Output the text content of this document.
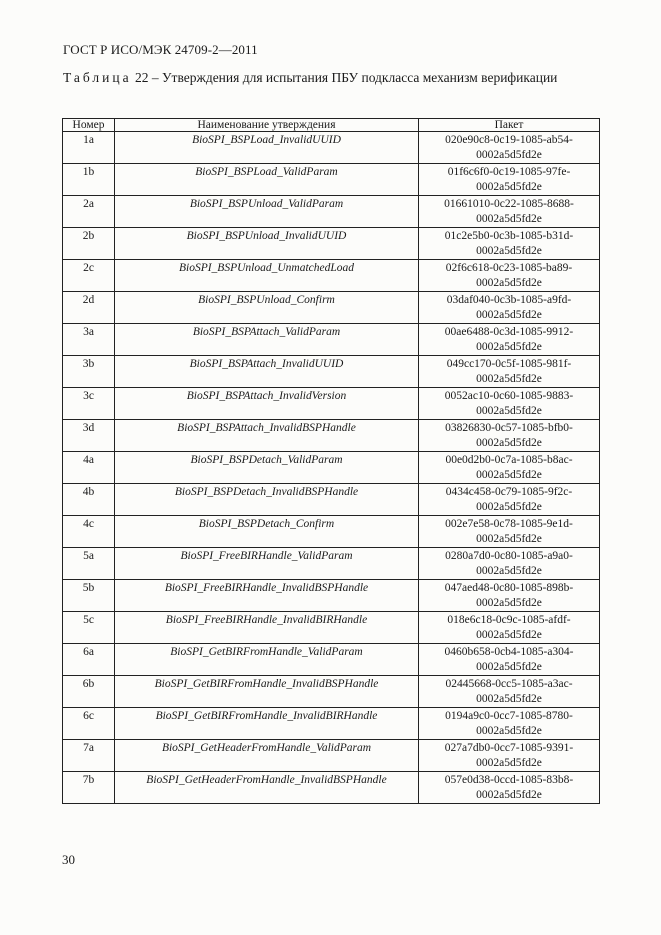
ГОСТ Р ИСО/МЭК 24709-2—2011
Таблица 22 – Утверждения для испытания ПБУ подкласса механизм верификации
Номер	Наименование утверждения	Пакет
1a	BioSPI_BSPLoad_InvalidUUID	020e90c8-0c19-1085-ab54-
0002a5d5fd2e

1b	BioSPI_BSPLoad_ValidParam	01f6c6f0-0c19-1085-97fe-
0002a5d5fd2e

2a	BioSPI_BSPUnload_ValidParam	01661010-0c22-1085-8688-
0002a5d5fd2e

2b	BioSPI_BSPUnload_InvalidUUID	01c2e5b0-0c3b-1085-b31d-
0002a5d5fd2e

2c	BioSPI_BSPUnload_UnmatchedLoad	02f6c618-0c23-1085-ba89-
0002a5d5fd2e

2d	BioSPI_BSPUnload_Confirm	03daf040-0c3b-1085-a9fd-
0002a5d5fd2e

3a	BioSPI_BSPAttach_ValidParam	00ae6488-0c3d-1085-9912-
0002a5d5fd2e

3b	BioSPI_BSPAttach_InvalidUUID	049cc170-0c5f-1085-981f-
0002a5d5fd2e

3c	BioSPI_BSPAttach_InvalidVersion	0052ac10-0c60-1085-9883-
0002a5d5fd2e

3d	BioSPI_BSPAttach_InvalidBSPHandle	03826830-0c57-1085-bfb0-
0002a5d5fd2e

4a	BioSPI_BSPDetach_ValidParam	00e0d2b0-0c7a-1085-b8ac-
0002a5d5fd2e

4b	BioSPI_BSPDetach_InvalidBSPHandle	0434c458-0c79-1085-9f2c-
0002a5d5fd2e

4c	BioSPI_BSPDetach_Confirm	002e7e58-0c78-1085-9e1d-
0002a5d5fd2e

5a	BioSPI_FreeBIRHandle_ValidParam	0280a7d0-0c80-1085-a9a0-
0002a5d5fd2e

5b	BioSPI_FreeBIRHandle_InvalidBSPHandle	047aed48-0c80-1085-898b-
0002a5d5fd2e

5c	BioSPI_FreeBIRHandle_InvalidBIRHandle	018e6c18-0c9c-1085-afdf-
0002a5d5fd2e

6a	BioSPI_GetBIRFromHandle_ValidParam	0460b658-0cb4-1085-a304-
0002a5d5fd2e

6b	BioSPI_GetBIRFromHandle_InvalidBSPHandle	02445668-0cc5-1085-a3ac-
0002a5d5fd2e

6c	BioSPI_GetBIRFromHandle_InvalidBIRHandle	0194a9c0-0cc7-1085-8780-
0002a5d5fd2e

7a	BioSPI_GetHeaderFromHandle_ValidParam	027a7db0-0cc7-1085-9391-
0002a5d5fd2e

7b	BioSPI_GetHeaderFromHandle_InvalidBSPHandle	057e0d38-0ccd-1085-83b8-
0002a5d5fd2e
30
